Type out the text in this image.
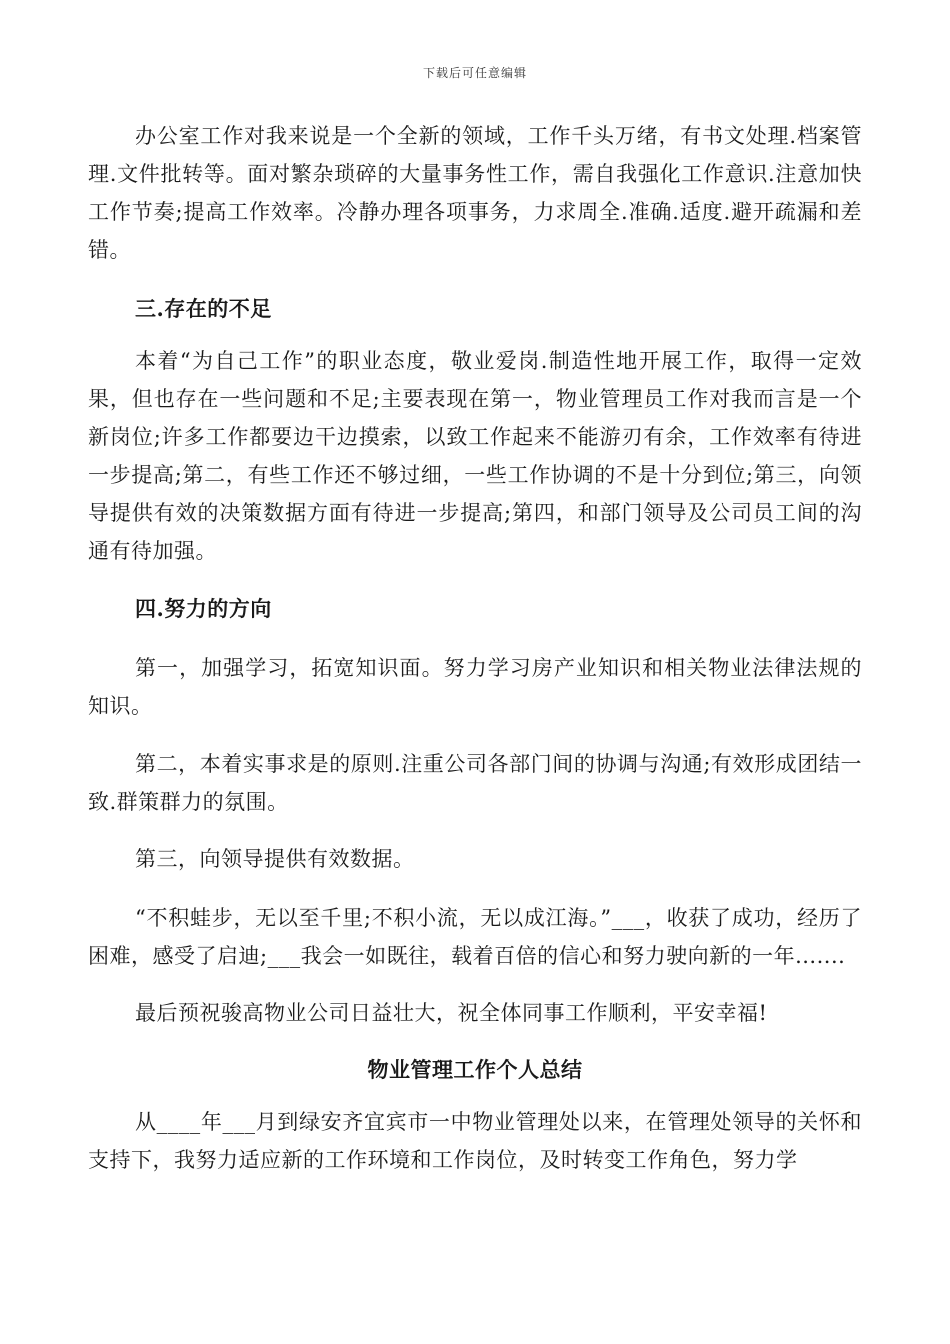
下载后可任意编辑

办公室工作对我来说是一个全新的领域，工作千头万绪，有书文处理.档案管理.文件批转等。面对繁杂琐碎的大量事务性工作，需自我强化工作意识.注意加快工作节奏;提高工作效率。冷静办理各项事务，力求周全.准确.适度.避开疏漏和差错。

三.存在的不足

本着“为自己工作”的职业态度，敬业爱岗.制造性地开展工作，取得一定效果，但也存在一些问题和不足;主要表现在第一，物业管理员工作对我而言是一个新岗位;许多工作都要边干边摸索，以致工作起来不能游刃有余，工作效率有待进一步提高;第二，有些工作还不够过细，一些工作协调的不是十分到位;第三，向领导提供有效的决策数据方面有待进一步提高;第四，和部门领导及公司员工间的沟通有待加强。

四.努力的方向

第一，加强学习，拓宽知识面。努力学习房产业知识和相关物业法律法规的知识。

第二，本着实事求是的原则.注重公司各部门间的协调与沟通;有效形成团结一致.群策群力的氛围。

第三，向领导提供有效数据。

“不积蛙步，无以至千里;不积小流，无以成江海。”___，收获了成功，经历了困难，感受了启迪;___我会一如既往，载着百倍的信心和努力驶向新的一年.......

最后预祝骏高物业公司日益壮大，祝全体同事工作顺利，平安幸福!

物业管理工作个人总结

从____年___月到绿安齐宜宾市一中物业管理处以来，在管理处领导的关怀和支持下，我努力适应新的工作环境和工作岗位，及时转变工作角色，努力学
